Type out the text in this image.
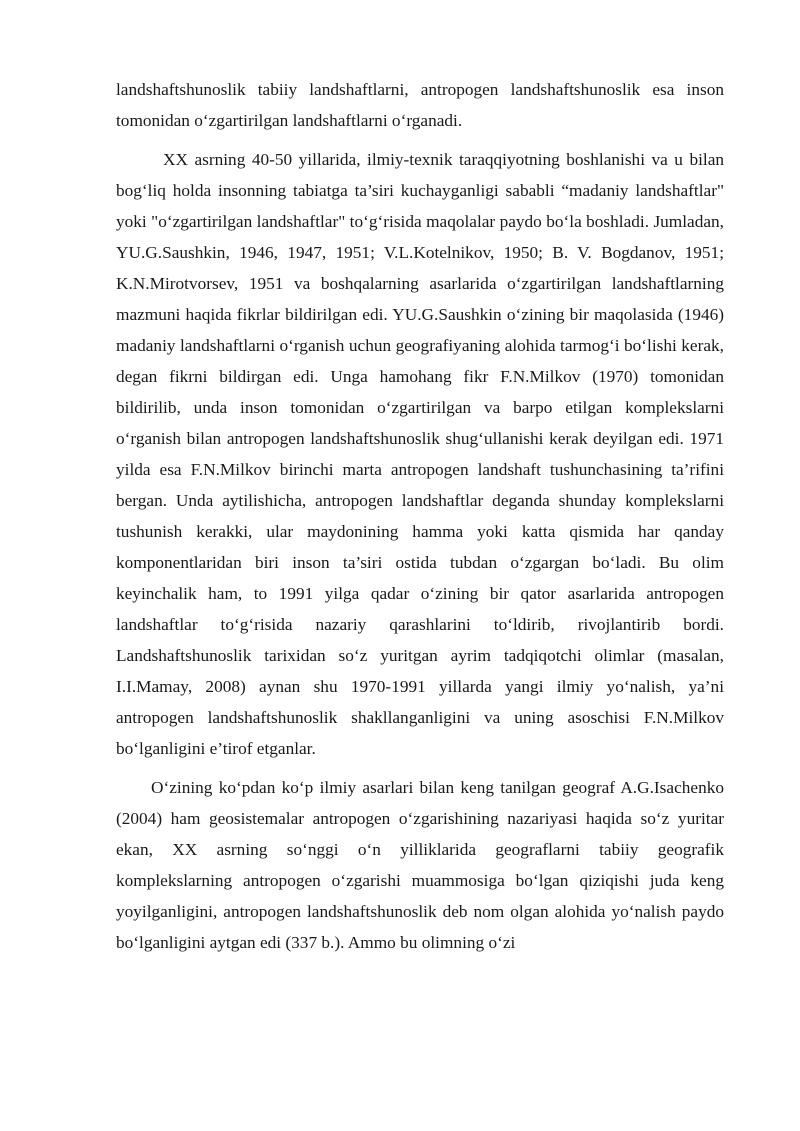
landshaftshunoslik tabiiy landshaftlarni, antropogen landshaftshunoslik esa inson tomonidan o‘zgartirilgan landshaftlarni o‘rganadi.

XX asrning 40-50 yillarida, ilmiy-texnik taraqqiyotning boshlanishi va u bilan bog‘liq holda insonning tabiatga ta’siri kuchayganligi sababli “madaniy landshaftlar" yoki "o‘zgartirilgan landshaftlar" to‘g‘risida maqolalar paydo bo‘la boshladi. Jumladan, YU.G.Saushkin, 1946, 1947, 1951; V.L.Kotelnikov, 1950; B. V. Bogdanov, 1951; K.N.Mirotvorsev, 1951 va boshqalarning asarlarida o‘zgartirilgan landshaftlarning mazmuni haqida fikrlar bildirilgan edi. YU.G.Saushkin o‘zining bir maqolasida (1946) madaniy landshaftlarni o‘rganish uchun geografiyaning alohida tarmog‘i bo‘lishi kerak, degan fikrni bildirgan edi. Unga hamohang fikr F.N.Milkov (1970) tomonidan bildirilib, unda inson tomonidan o‘zgartirilgan va barpo etilgan komplekslarni o‘rganish bilan antropogen landshaftshunoslik shug‘ullanishi kerak deyilgan edi. 1971 yilda esa F.N.Milkov birinchi marta antropogen landshaft tushunchasining ta’rifini bergan. Unda aytilishicha, antropogen landshaftlar deganda shunday komplekslarni tushunish kerakki, ular maydonining hamma yoki katta qismida har qanday komponentlaridan biri inson ta’siri ostida tubdan o‘zgargan bo‘ladi. Bu olim keyinchalik ham, to 1991 yilga qadar o‘zining bir qator asarlarida antropogen landshaftlar to‘g‘risida nazariy qarashlarini to‘ldirib, rivojlantirib bordi. Landshaftshunoslik tarixidan so‘z yuritgan ayrim tadqiqotchi olimlar (masalan, I.I.Mamay, 2008) aynan shu 1970-1991 yillarda yangi ilmiy yo‘nalish, ya’ni antropogen landshaftshunoslik shakllanganligini va uning asoschisi F.N.Milkov bo‘lganligini e’tirof etganlar.

O‘zining ko‘pdan ko‘p ilmiy asarlari bilan keng tanilgan geograf A.G.Isachenko (2004) ham geosistemalar antropogen o‘zgarishining nazariyasi haqida so‘z yuritar ekan, XX asrning so‘nggi o‘n yilliklarida geograflarni tabiiy geografik komplekslarning antropogen o‘zgarishi muammosiga bo‘lgan qiziqishi juda keng yoyilganligini, antropogen landshaftshunoslik deb nom olgan alohida yo‘nalish paydo bo‘lganligini aytgan edi (337 b.). Ammo bu olimning o‘zi
